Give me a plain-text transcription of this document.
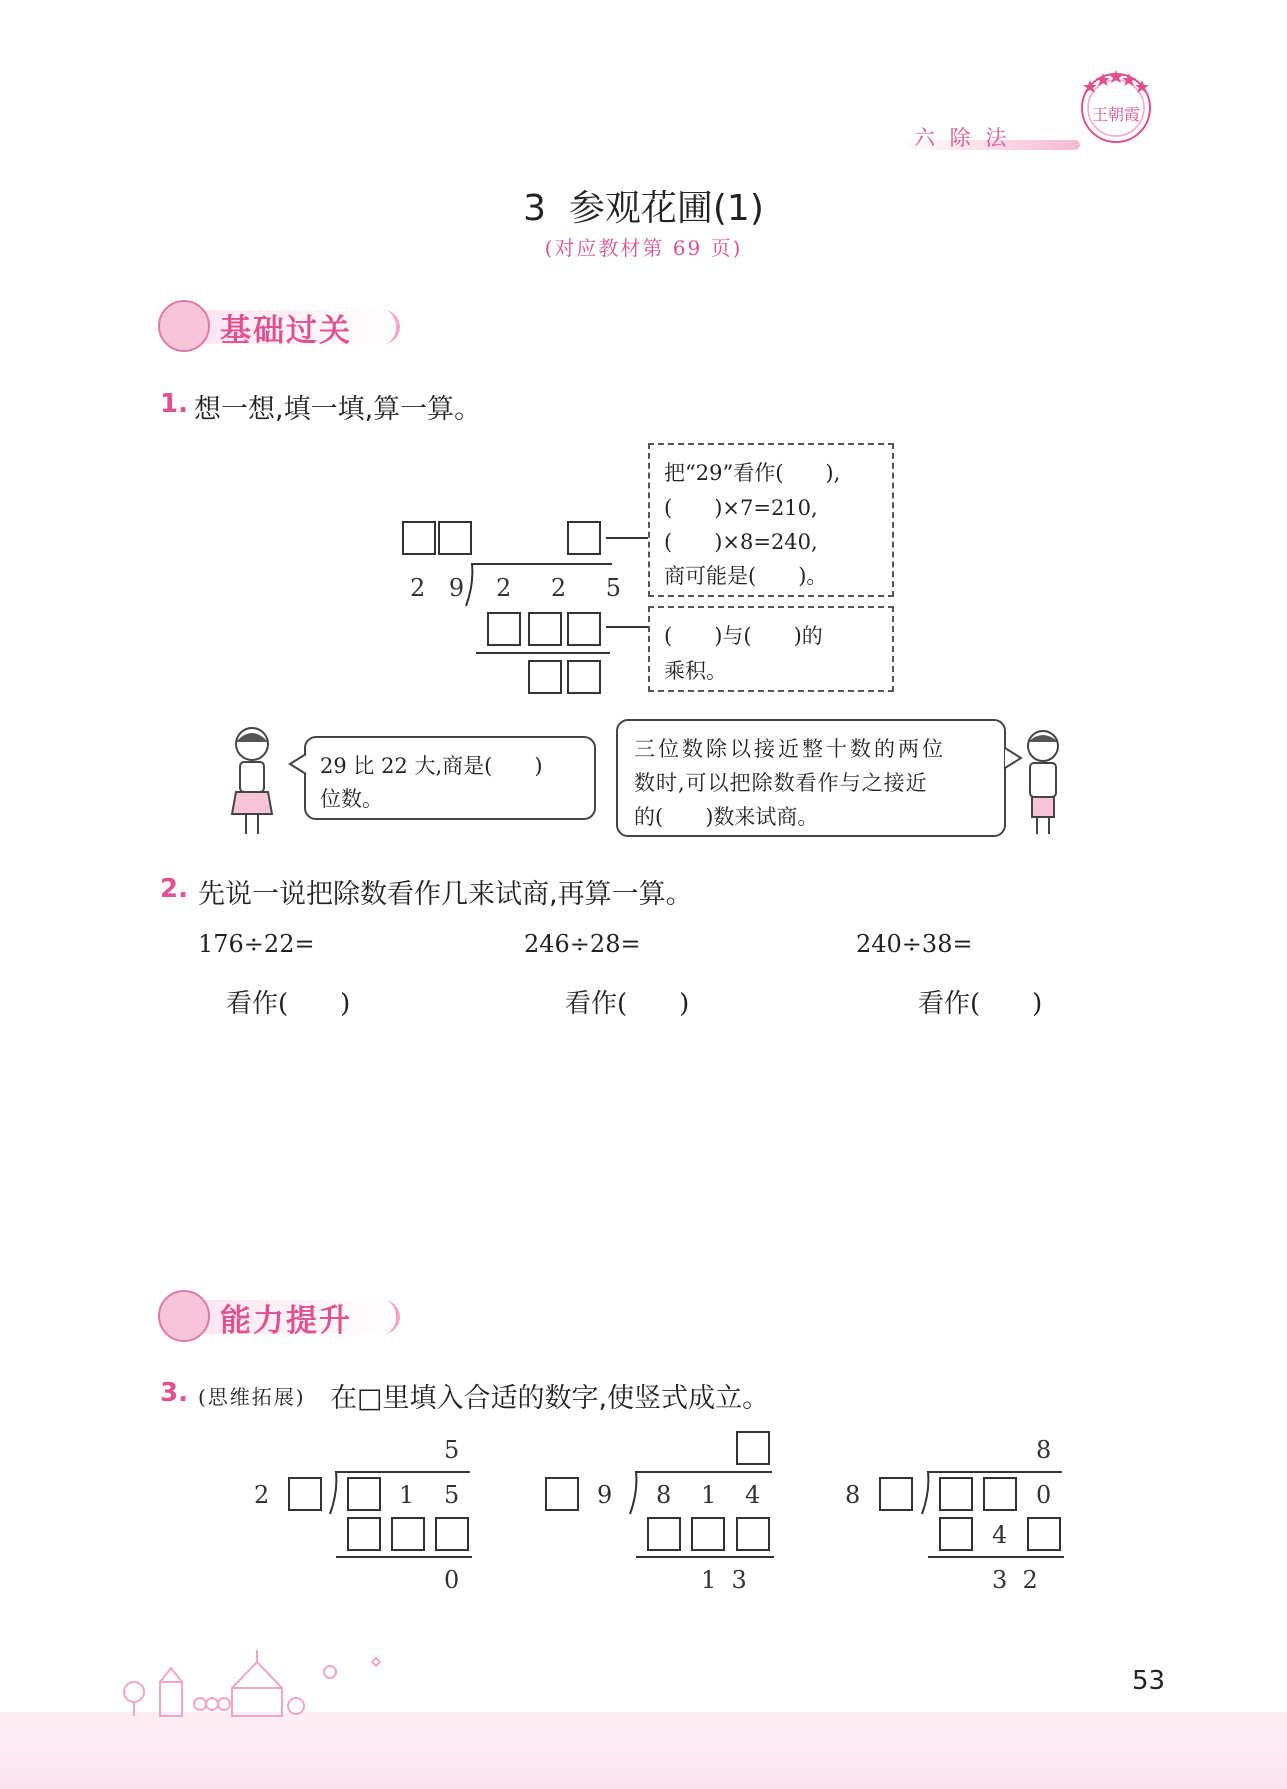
六 除 法
王朝霞
3  参观花圃(1)
(对应教材第 69 页)
基础过关
1. 想一想,填一填,算一算。
2 9 2 2 5
把“29”看作(　　),
(　　)×7=210,
(　　)×8=240,
商可能是(　　)。
(　　)与(　　)的
乘积。
29 比 22 大,商是(　　)
位数。
三位数除以接近整十数的两位
数时,可以把除数看作与之接近
的(　　)数来试商。
2. 先说一说把除数看作几来试商,再算一算。
176÷22=
看作(　　)
246÷28=
看作(　　)
240÷38=
看作(　　)
能力提升
3. (思维拓展) 在□里填入合适的数字,使竖式成立。
5
2	1 5
0
9 8 1 4
1  3
8
8	0
4
3  2
53
